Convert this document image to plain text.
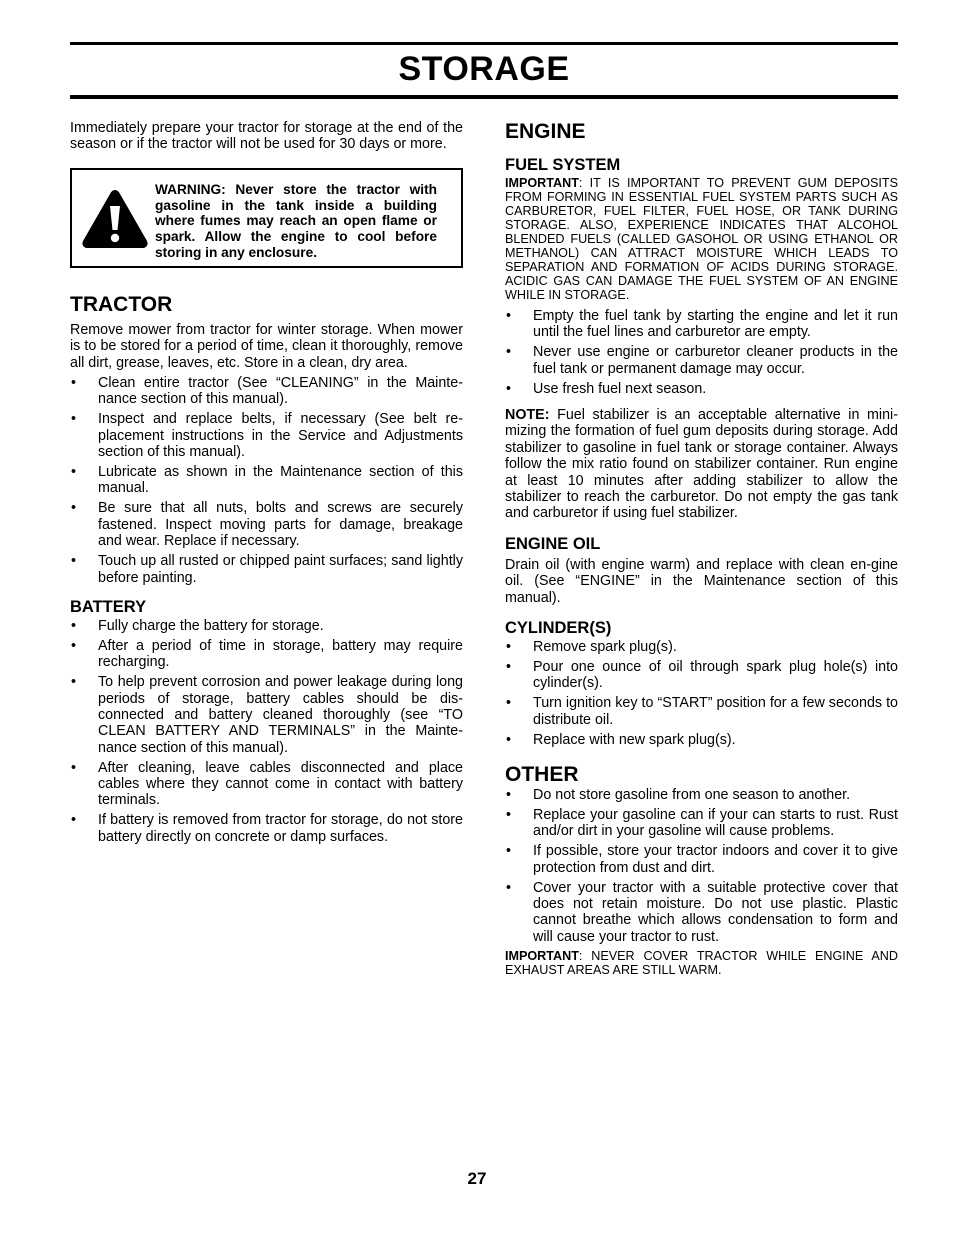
STORAGE

Immediately prepare your tractor for storage at the end of the season or if the tractor will not be used for 30 days or more.

WARNING: Never store the tractor with gasoline in the tank inside a building where fumes may reach an open flame or spark. Allow the engine to cool before storing in any enclosure.

TRACTOR

Remove mower from tractor for winter storage. When mower is to be stored for a period of time, clean it thoroughly, remove all dirt, grease, leaves, etc. Store in a clean, dry area.

• Clean entire tractor (See “CLEANING” in the Mainte-nance section of this manual).
• Inspect and replace belts, if necessary (See belt re-placement instructions in the Service and Adjustments section of this manual).
• Lubricate as shown in the Maintenance section of this manual.
• Be sure that all nuts, bolts and screws are securely fastened. Inspect moving parts for damage, breakage and wear. Replace if necessary.
• Touch up all rusted or chipped paint surfaces; sand lightly before painting.
BATTERY
• Fully charge the battery for storage.
• After a period of time in storage, battery may require recharging.
• To help prevent corrosion and power leakage during long periods of storage, battery cables should be dis-connected and battery cleaned thoroughly (see “TO CLEAN BATTERY AND TERMINALS” in the Mainte-nance section of this manual).
• After cleaning, leave cables disconnected and place cables where they cannot come in contact with battery terminals.
• If battery is removed from tractor for storage, do not store battery directly on concrete or damp surfaces.
ENGINE
FUEL SYSTEM

IMPORTANT: IT IS IMPORTANT TO PREVENT GUM DEPOSITS FROM FORMING IN ESSENTIAL FUEL SYSTEM PARTS SUCH AS CARBURETOR, FUEL FILTER, FUEL HOSE, OR TANK DURING STORAGE. ALSO, EXPERIENCE INDICATES THAT ALCOHOL BLENDED FUELS (CALLED GASOHOL OR USING ETHANOL OR METHANOL) CAN ATTRACT MOISTURE WHICH LEADS TO SEPARATION AND FORMATION OF ACIDS DURING STORAGE. ACIDIC GAS CAN DAMAGE THE FUEL SYSTEM OF AN ENGINE WHILE IN STORAGE.

• Empty the fuel tank by starting the engine and let it run until the fuel lines and carburetor are empty.
• Never use engine or carburetor cleaner products in the fuel tank or permanent damage may occur.
• Use fresh fuel next season.

NOTE: Fuel stabilizer is an acceptable alternative in mini-mizing the formation of fuel gum deposits during storage. Add stabilizer to gasoline in fuel tank or storage container. Always follow the mix ratio found on stabilizer container. Run engine at least 10 minutes after adding stabilizer to allow the stabilizer to reach the carburetor. Do not empty the gas tank and carburetor if using fuel stabilizer.

ENGINE OIL

Drain oil (with engine warm) and replace with clean en-gine oil. (See “ENGINE” in the Maintenance section of this manual).

CYLINDER(S)
• Remove spark plug(s).
• Pour one ounce of oil through spark plug hole(s) into cylinder(s).
• Turn ignition key to “START” position for a few seconds to distribute oil.
• Replace with new spark plug(s).
OTHER
• Do not store gasoline from one season to another.
• Replace your gasoline can if your can starts to rust. Rust and/or dirt in your gasoline will cause problems.
• If possible, store your tractor indoors and cover it to give protection from dust and dirt.
• Cover your tractor with a suitable protective cover that does not retain moisture. Do not use plastic. Plastic cannot breathe which allows condensation to form and will cause your tractor to rust.

IMPORTANT: NEVER COVER TRACTOR WHILE ENGINE AND EXHAUST AREAS ARE STILL WARM.

27
